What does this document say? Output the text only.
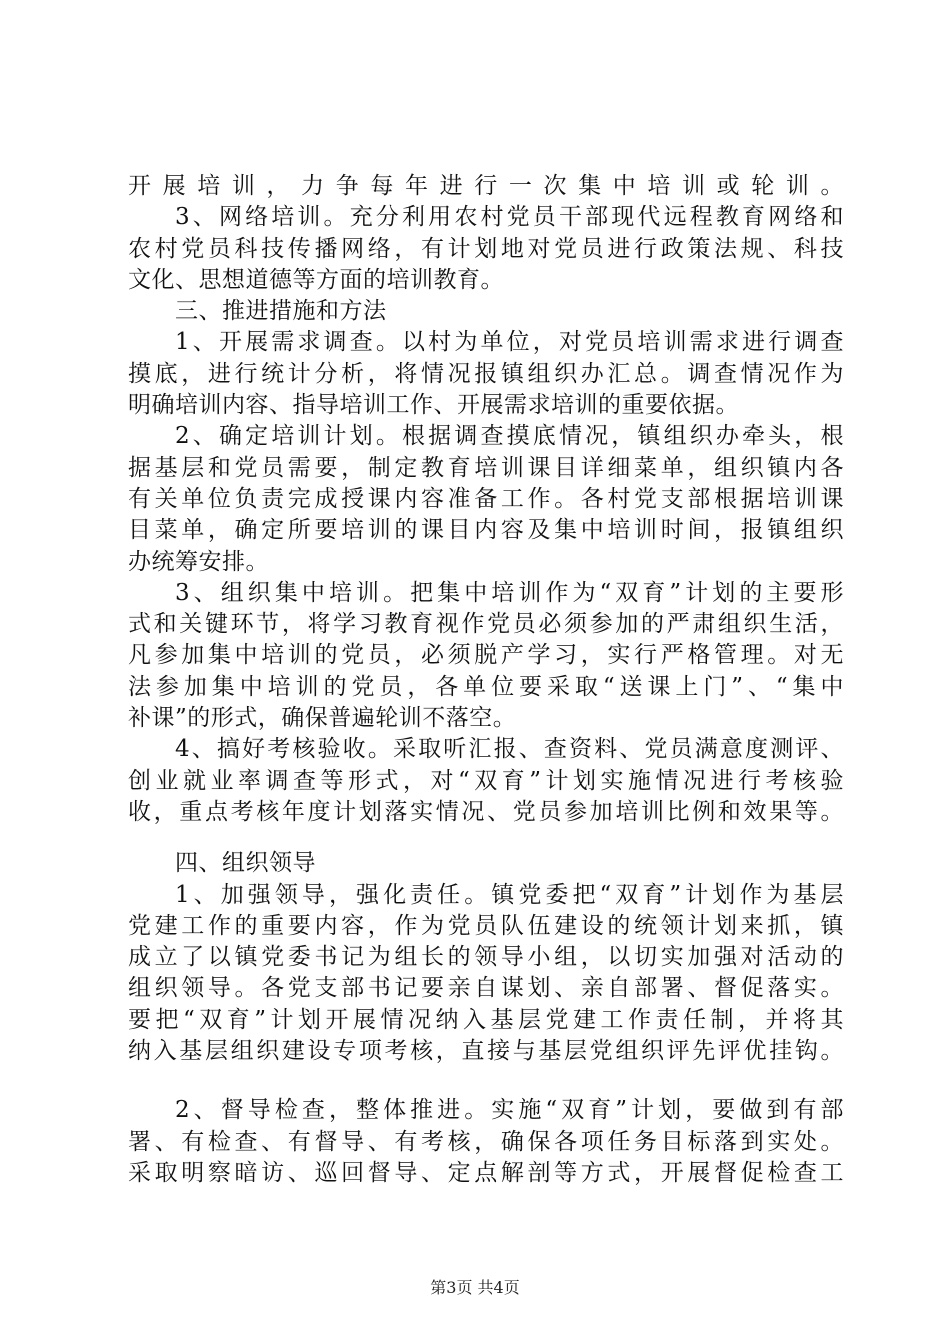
开展培训，力争每年进行一次集中培训或轮训。
3、网络培训。充分利用农村党员干部现代远程教育网络和
农村党员科技传播网络，有计划地对党员进行政策法规、科技
文化、思想道德等方面的培训教育。
三、推进措施和方法
1、开展需求调查。以村为单位，对党员培训需求进行调查
摸底，进行统计分析，将情况报镇组织办汇总。调查情况作为
明确培训内容、指导培训工作、开展需求培训的重要依据。
2、确定培训计划。根据调查摸底情况，镇组织办牵头，根
据基层和党员需要，制定教育培训课目详细菜单，组织镇内各
有关单位负责完成授课内容准备工作。各村党支部根据培训课
目菜单，确定所要培训的课目内容及集中培训时间，报镇组织
办统筹安排。
3、组织集中培训。把集中培训作为“双育”计划的主要形
式和关键环节，将学习教育视作党员必须参加的严肃组织生活，
凡参加集中培训的党员，必须脱产学习，实行严格管理。对无
法参加集中培训的党员，各单位要采取“送课上门”、“集中
补课”的形式，确保普遍轮训不落空。
4、搞好考核验收。采取听汇报、查资料、党员满意度测评、
创业就业率调查等形式，对“双育”计划实施情况进行考核验
收，重点考核年度计划落实情况、党员参加培训比例和效果等。
四、组织领导
1、加强领导，强化责任。镇党委把“双育”计划作为基层
党建工作的重要内容，作为党员队伍建设的统领计划来抓，镇
成立了以镇党委书记为组长的领导小组，以切实加强对活动的
组织领导。各党支部书记要亲自谋划、亲自部署、督促落实。
要把“双育”计划开展情况纳入基层党建工作责任制，并将其
纳入基层组织建设专项考核，直接与基层党组织评先评优挂钩。
2、督导检查，整体推进。实施“双育”计划，要做到有部
署、有检查、有督导、有考核，确保各项任务目标落到实处。
采取明察暗访、巡回督导、定点解剖等方式，开展督促检查工
第3页 共4页
